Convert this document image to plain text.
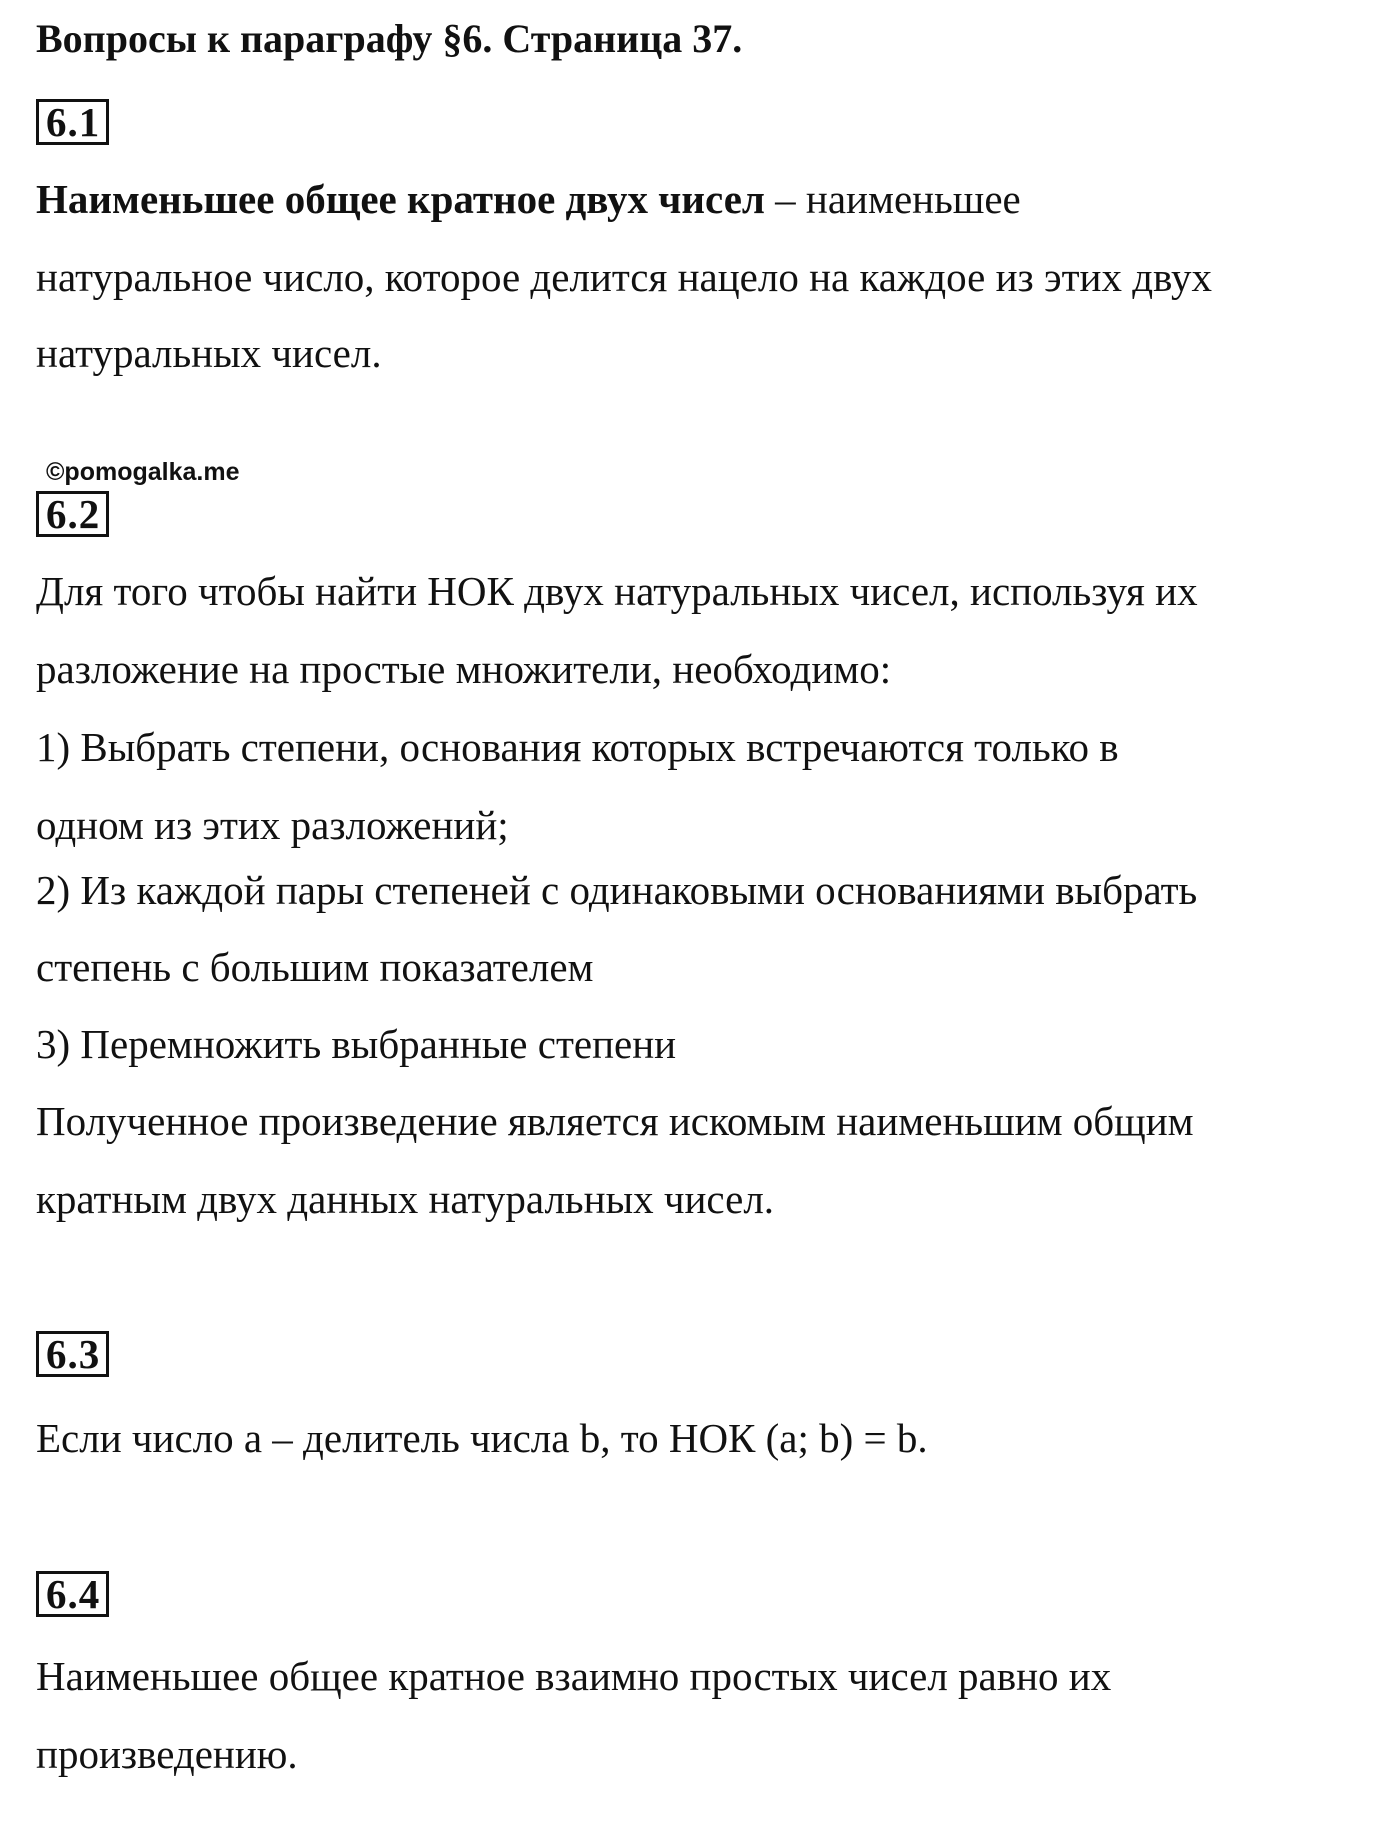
Вопросы к параграфу §6. Страница 37.
6.1
Наименьшее общее кратное двух чисел – наименьшее
натуральное число, которое делится нацело на каждое из этих двух
натуральных чисел.
©pomogalka.me
6.2
Для того чтобы найти НОК двух натуральных чисел, используя их
разложение на простые множители, необходимо:
1) Выбрать степени, основания которых встречаются только в
одном из этих разложений;
2) Из каждой пары степеней с одинаковыми основаниями выбрать
степень с большим показателем
3) Перемножить выбранные степени
Полученное произведение является искомым наименьшим общим
кратным двух данных натуральных чисел.
6.3
Если число a – делитель числа b, то НОК (a; b) = b.
6.4
Наименьшее общее кратное взаимно простых чисел равно их
произведению.
